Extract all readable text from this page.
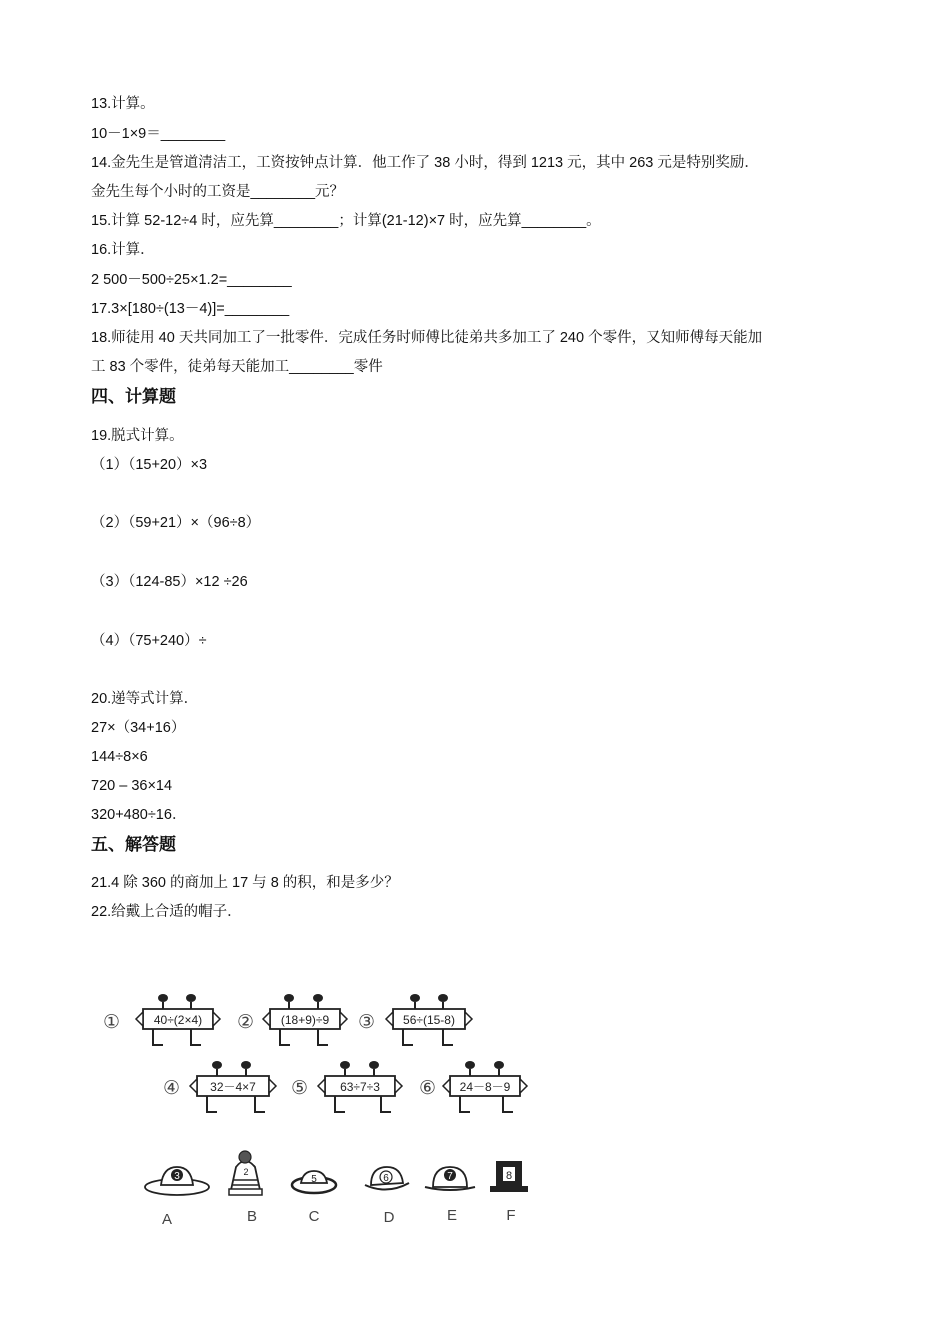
13.计算。
10－1×9＝________
14.金先生是管道清洁工，工资按钟点计算．他工作了 38 小时，得到 1213 元，其中 263 元是特别奖励．
金先生每个小时的工资是________元？
15.计算 52-12÷4 时，应先算________；计算(21-12)×7 时，应先算________。
16.计算．
2 500－500÷25×1.2=________
17.3×[180÷(13－4)]=________
18.师徒用 40 天共同加工了一批零件．完成任务时师傅比徒弟共多加工了 240 个零件，又知师傅每天能加
工 83 个零件，徒弟每天能加工________零件
四、计算题
19.脱式计算。
（1）（15+20）×3
（2）（59+21）×（96÷8）
（3）（124-85）×12 ÷26
（4）（75+240）÷
20.递等式计算．
27×（34+16）
144÷8×6
720 – 36×14
320+480÷16．
五、解答题
21.4 除 360 的商加上 17 与 8 的积，和是多少？
22.给戴上合适的帽子．
①	40÷(2×4) ② (18+9)÷9 ③ 56÷(15-8)
④	32－4×7 ⑤	63÷7÷3 ⑥ 24－8－9
3
A
2
B
5
C
6
D
7
E
8
F
